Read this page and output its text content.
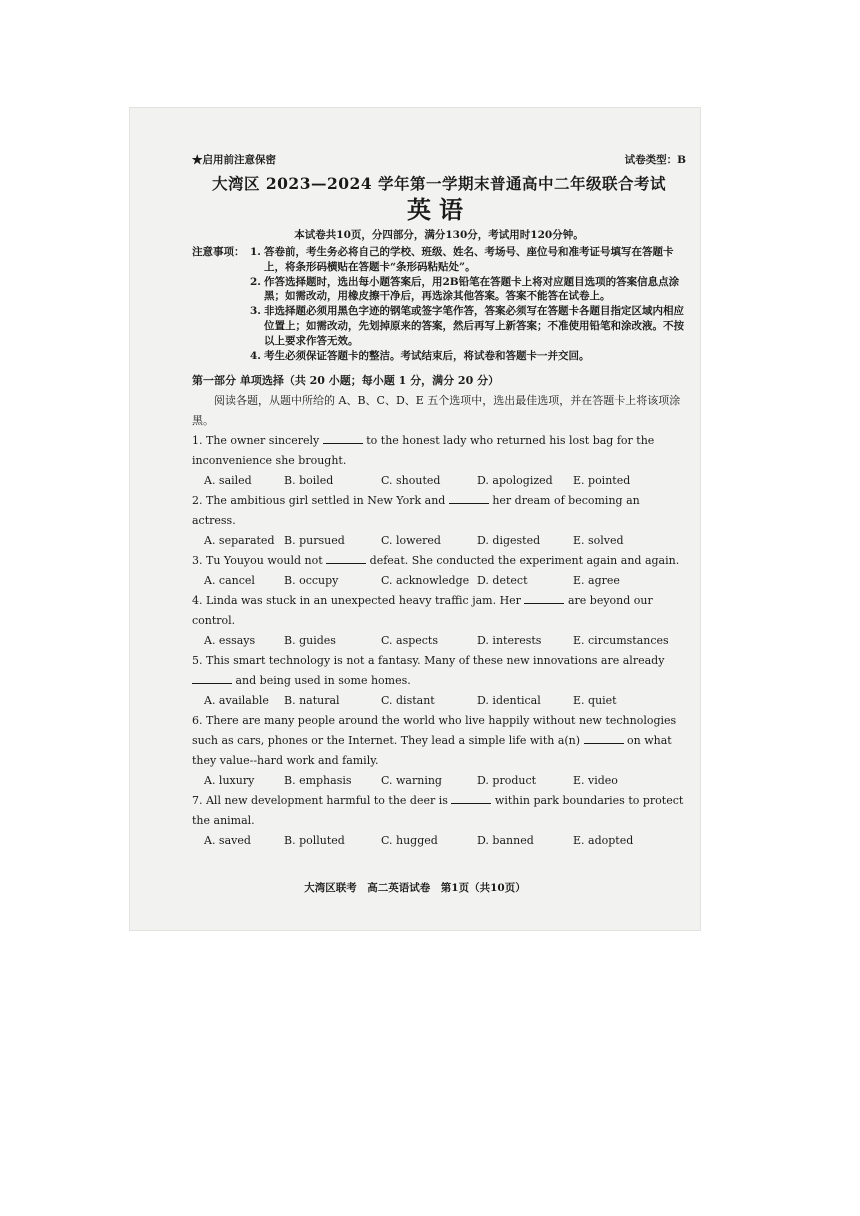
★启用前注意保密	试卷类型：B
大湾区 2023—2024 学年第一学期末普通高中二年级联合考试
英语
本试卷共10页，分四部分，满分130分，考试用时120分钟。
注意事项： 1. 答卷前，考生务必将自己的学校、班级、姓名、考场号、座位号和准考证号填写在答题卡上，将条形码横贴在答题卡“条形码粘贴处”。
2. 作答选择题时，选出每小题答案后，用2B铅笔在答题卡上将对应题目选项的答案信息点涂黑；如需改动，用橡皮擦干净后，再选涂其他答案。答案不能答在试卷上。
3. 非选择题必须用黑色字迹的钢笔或签字笔作答，答案必须写在答题卡各题目指定区域内相应位置上；如需改动，先划掉原来的答案，然后再写上新答案；不准使用铅笔和涂改液。不按以上要求作答无效。
4. 考生必须保证答题卡的整洁。考试结束后，将试卷和答题卡一并交回。
第一部分 单项选择（共 20 小题；每小题 1 分，满分 20 分）
阅读各题，从题中所给的 A、B、C、D、E 五个选项中，选出最佳选项，并在答题卡上将该项涂黑。
1. The owner sincerely	to the honest lady who returned his lost bag for the inconvenience she brought.
A. sailed	B. boiled	C. shouted	D. apologized	E. pointed
2. The ambitious girl settled in New York and	her dream of becoming an actress.
A. separated B. pursued	C. lowered	D. digested	E. solved
3. Tu Youyou would not	defeat. She conducted the experiment again and again.
A. cancel	B. occupy	C. acknowledge D. detect	E. agree
4. Linda was stuck in an unexpected heavy traffic jam. Her	are beyond our control.
A. essays	B. guides	C. aspects	D. interests	E. circumstances
5. This smart technology is not a fantasy. Many of these new innovations are already  and being used in some homes.
A. available	B. natural	C. distant	D. identical	E. quiet
6. There are many people around the world who live happily without new technologies such as cars, phones or the Internet. They lead a simple life with a(n)	on what they value--hard work and family.
A. luxury	B. emphasis	C. warning	D. product	E. video
7. All new development harmful to the deer is	within park boundaries to protect the animal.
A. saved	B. polluted	C. hugged	D. banned	E. adopted
大湾区联考　高二英语试卷　第1页（共10页）
